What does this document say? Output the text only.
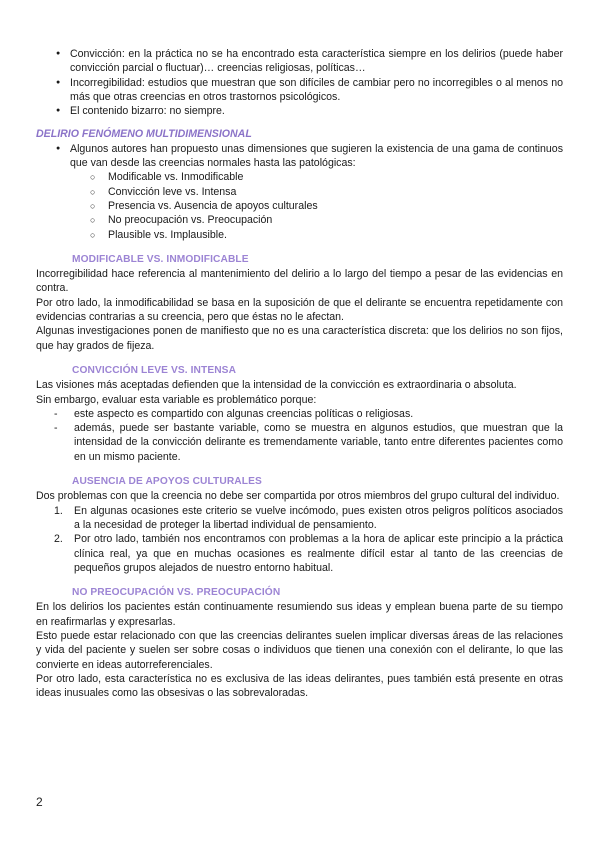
● Convicción: en la práctica no se ha encontrado esta característica siempre en los delirios (puede haber convicción parcial o fluctuar)… creencias religiosas, políticas…
● Incorregibilidad: estudios que muestran que son difíciles de cambiar pero no incorregibles o al menos no más que otras creencias en otros trastornos psicológicos.
● El contenido bizarro: no siempre.
DELIRIO FENÓMENO MULTIDIMENSIONAL
● Algunos autores han propuesto unas dimensiones que sugieren la existencia de una gama de continuos que van desde las creencias normales hasta las patológicas:
○ Modificable vs. Inmodificable
○ Convicción leve vs. Intensa
○ Presencia vs. Ausencia de apoyos culturales
○ No preocupación vs. Preocupación
○ Plausible vs. Implausible.
MODIFICABLE VS. INMODIFICABLE
Incorregibilidad hace referencia al mantenimiento del delirio a lo largo del tiempo a pesar de las evidencias en contra.
Por otro lado, la inmodificabilidad se basa en la suposición de que el delirante se encuentra repetidamente con evidencias contrarias a su creencia, pero que éstas no le afectan.
Algunas investigaciones ponen de manifiesto que no es una característica discreta: que los delirios no son fijos, que hay grados de fijeza.
CONVICCIÓN LEVE VS. INTENSA
Las visiones más aceptadas defienden que la intensidad de la convicción es extraordinaria o absoluta.
Sin embargo, evaluar esta variable es problemático porque:
- este aspecto es compartido con algunas creencias políticas o religiosas.
- además, puede ser bastante variable, como se muestra en algunos estudios, que muestran que la intensidad de la convicción delirante es tremendamente variable, tanto entre diferentes pacientes como en un mismo paciente.
AUSENCIA DE APOYOS CULTURALES
Dos problemas con que la creencia no debe ser compartida por otros miembros del grupo cultural del individuo.
1. En algunas ocasiones este criterio se vuelve incómodo, pues existen otros peligros políticos asociados a la necesidad de proteger la libertad individual de pensamiento.
2. Por otro lado, también nos encontramos con problemas a la hora de aplicar este principio a la práctica clínica real, ya que en muchas ocasiones es realmente difícil estar al tanto de las creencias de pequeños grupos alejados de nuestro entorno habitual.
NO PREOCUPACIÓN VS. PREOCUPACIÓN
En los delirios los pacientes están continuamente resumiendo sus ideas y emplean buena parte de su tiempo en reafirmarlas y expresarlas.
Esto puede estar relacionado con que las creencias delirantes suelen implicar diversas áreas de las relaciones y vida del paciente y suelen ser sobre cosas o individuos que tienen una conexión con el delirante, lo que las convierte en ideas autorreferenciales.
Por otro lado, esta característica no es exclusiva de las ideas delirantes, pues también está presente en otras ideas inusuales como las obsesivas o las sobrevaloradas.
2
